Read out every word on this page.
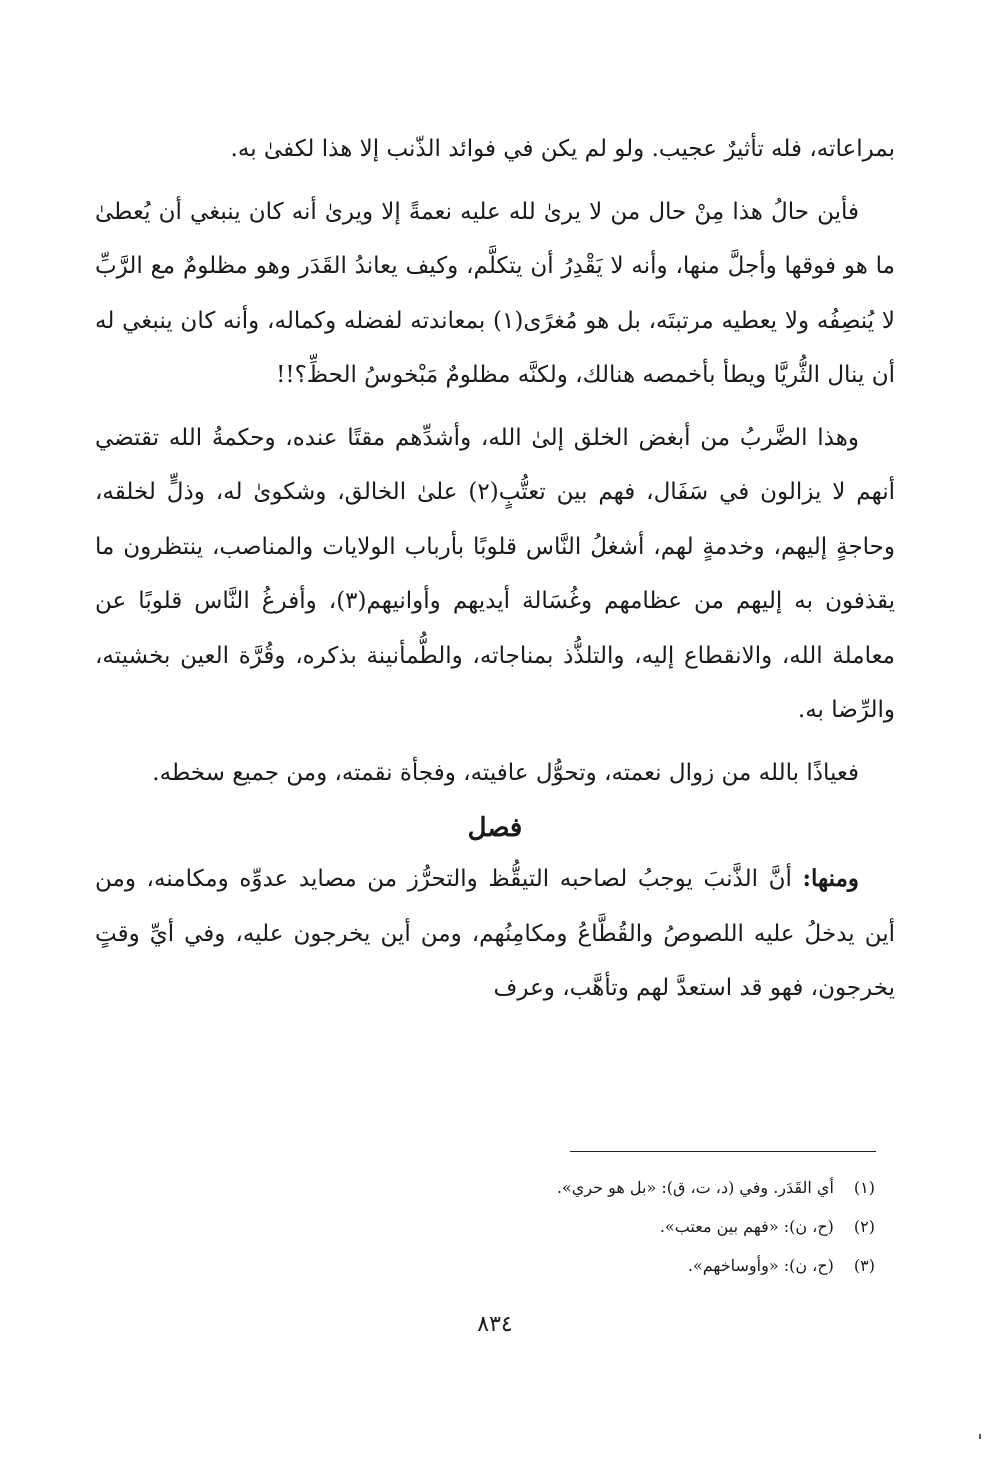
بمراعاته، فله تأثيرٌ عجيب. ولو لم يكن في فوائد الذّنب إلا هذا لكفىٰ به.

فأين حالُ هذا مِنْ حال من لا يرىٰ لله عليه نعمةً إلا ويرىٰ أنه كان ينبغي أن يُعطىٰ ما هو فوقها وأجلَّ منها، وأنه لا يَقْدِرُ أن يتكلَّم، وكيف يعاندُ القَدَر وهو مظلومٌ مع الرَّبِّ لا يُنصِفُه ولا يعطيه مرتبتَه، بل هو مُغرًى(١) بمعاندته لفضله وكماله، وأنه كان ينبغي له أن ينال الثُّريَّا ويطأ بأخمصه هنالك، ولكنَّه مظلومٌ مَبْخوسُ الحظِّ؟!!

وهذا الضَّربُ من أبغض الخلق إلىٰ الله، وأشدِّهم مقتًا عنده، وحكمةُ الله تقتضي أنهم لا يزالون في سَفَال، فهم بين تعتُّبٍ(٢) علىٰ الخالق، وشكوىٰ له، وذلٍّ لخلقه، وحاجةٍ إليهم، وخدمةٍ لهم، أشغلُ النَّاس قلوبًا بأرباب الولايات والمناصب، ينتظرون ما يقذفون به إليهم من عظامهم وغُسَالة أيديهم وأوانيهم(٣)، وأفرغُ النَّاس قلوبًا عن معاملة الله، والانقطاع إليه، والتلذُّذ بمناجاته، والطُّمأنينة بذكره، وقُرَّة العين بخشيته، والرِّضا به.

فعياذًا بالله من زوال نعمته، وتحوُّل عافيته، وفجأة نقمته، ومن جميع سخطه.

فصل

ومنها: أنَّ الذَّنبَ يوجبُ لصاحبه التيقُّظ والتحرُّز من مصايد عدوِّه ومكامنه، ومن أين يدخلُ عليه اللصوصُ والقُطَّاعُ ومكامِنُهم، ومن أين يخرجون عليه، وفي أيِّ وقتٍ يخرجون، فهو قد استعدَّ لهم وتأهَّب، وعرف

(١) أي القَدَر. وفي (د، ت، ق): «بل هو حري».

(٢) (ح، ن): «فهم بين معتب».

(٣) (ح، ن): «وأوساخهم».

٨٣٤
